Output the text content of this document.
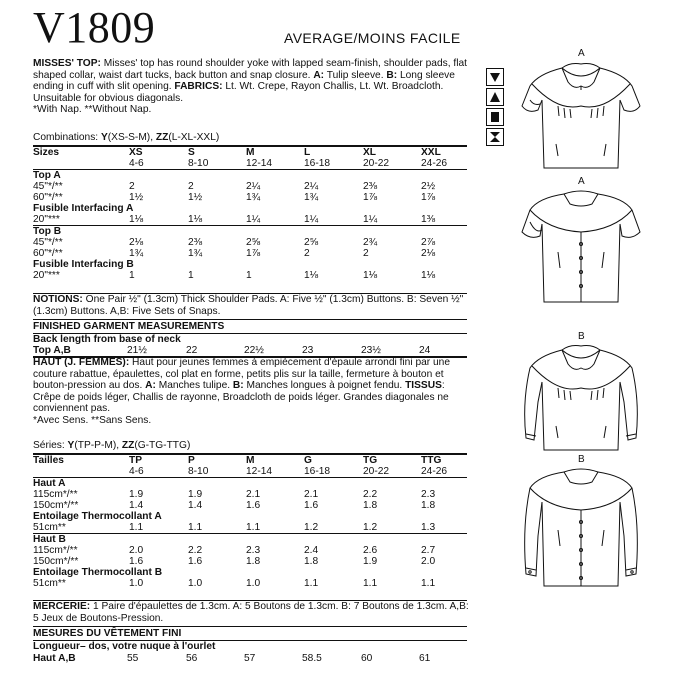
V1809	AVERAGE/MOINS FACILE
MISSES' TOP: Misses' top has round shoulder yoke with lapped seam-finish, shoulder pads, flat shaped collar, waist dart tucks, back button and snap closure. A: Tulip sleeve. B: Long sleeve ending in cuff with slit opening. FABRICS: Lt. Wt. Crepe, Rayon Challis, Lt. Wt. Broadcloth. Unsuitable for obvious diagonals.
*With Nap. **Without Nap.
Combinations: Y(XS-S-M), ZZ(L-XL-XXL)
Sizes	XS	S	M	L	XL	XXL
4-6	8-10	12-14	16-18	20-22	24-26
Top A
45"*/**	2	2	2¼	2¼	2⅜	2½
60"*/**	1½	1½	1¾	1¾	1⅞	1⅞
Fusible Interfacing A
20"***	1⅛	1⅛	1¼	1¼	1¼	1⅜
Top B
45"*/**	2⅛	2⅜	2⅝	2⅝	2¾	2⅞
60"*/**	1¾	1¾	1⅞	2	2	2⅛
Fusible Interfacing B
20"***	1	1	1	1⅛	1⅛	1⅛
NOTIONS: One Pair ½" (1.3cm) Thick Shoulder Pads. A: Five ½" (1.3cm) Buttons. B: Seven ½" (1.3cm) Buttons. A,B: Five Sets of Snaps.
FINISHED GARMENT MEASUREMENTS
Back length from base of neck
Top A,B	21½	22	22½	23	23½	24
HAUT (J. FEMMES): Haut pour jeunes femmes à empiècement d'épaule arrondi fini par une couture rabattue, épaulettes, col plat en forme, petits plis sur la taille, fermeture à bouton et bouton-pression au dos. A: Manches tulipe. B: Manches longues à poignet fendu. TISSUS: Crêpe de poids léger, Challis de rayonne, Broadcloth de poids léger. Grandes diagonales ne conviennent pas.
*Avec Sens. **Sans Sens.
Séries: Y(TP-P-M), ZZ(G-TG-TTG)
Tailles	TP	P	M	G	TG	TTG
4-6	8-10	12-14	16-18	20-22	24-26
Haut A
115cm*/**	1.9	1.9	2.1	2.1	2.2	2.3
150cm*/**	1.4	1.4	1.6	1.6	1.8	1.8
Entoilage Thermocollant A
51cm**	1.1	1.1	1.1	1.2	1.2	1.3
Haut B
115cm*/**	2.0	2.2	2.3	2.4	2.6	2.7
150cm*/**	1.6	1.6	1.8	1.8	1.9	2.0
Entoilage Thermocollant B
51cm**	1.0	1.0	1.0	1.1	1.1	1.1
MERCERIE: 1 Paire d'épaulettes de 1.3cm. A: 5 Boutons de 1.3cm. B: 7 Boutons de 1.3cm. A,B: 5 Jeux de Boutons-Pression.
MESURES DU VÊTEMENT FINI
Longueur– dos, votre nuque à l'ourlet
Haut A,B	55	56	57	58.5	60	61
A
A
B
B
